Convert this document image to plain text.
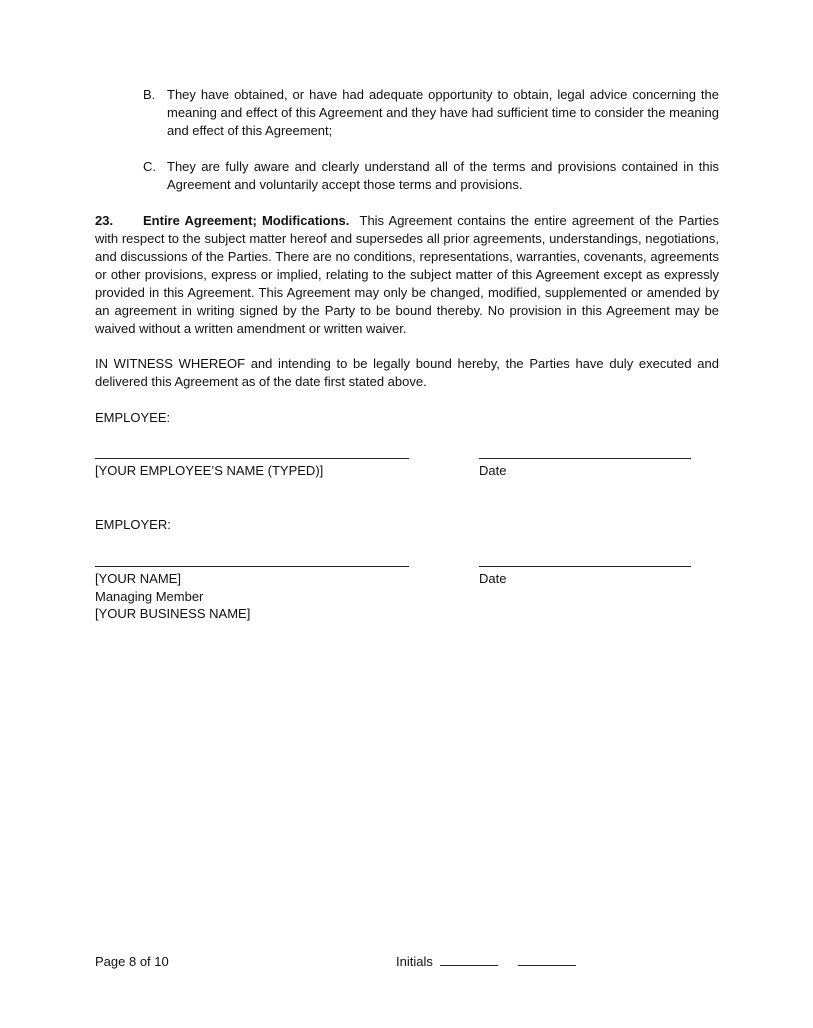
B. They have obtained, or have had adequate opportunity to obtain, legal advice concerning the meaning and effect of this Agreement and they have had sufficient time to consider the meaning and effect of this Agreement;
C. They are fully aware and clearly understand all of the terms and provisions contained in this Agreement and voluntarily accept those terms and provisions.
23. Entire Agreement; Modifications. This Agreement contains the entire agreement of the Parties with respect to the subject matter hereof and supersedes all prior agreements, understandings, negotiations, and discussions of the Parties. There are no conditions, representations, warranties, covenants, agreements or other provisions, express or implied, relating to the subject matter of this Agreement except as expressly provided in this Agreement. This Agreement may only be changed, modified, supplemented or amended by an agreement in writing signed by the Party to be bound thereby. No provision in this Agreement may be waived without a written amendment or written waiver.
IN WITNESS WHEREOF and intending to be legally bound hereby, the Parties have duly executed and delivered this Agreement as of the date first stated above.
EMPLOYEE:
[YOUR EMPLOYEE’S NAME (TYPED)]	Date
EMPLOYER:
[YOUR NAME]	Date
Managing Member
[YOUR BUSINESS NAME]
Page 8 of 10	Initials
